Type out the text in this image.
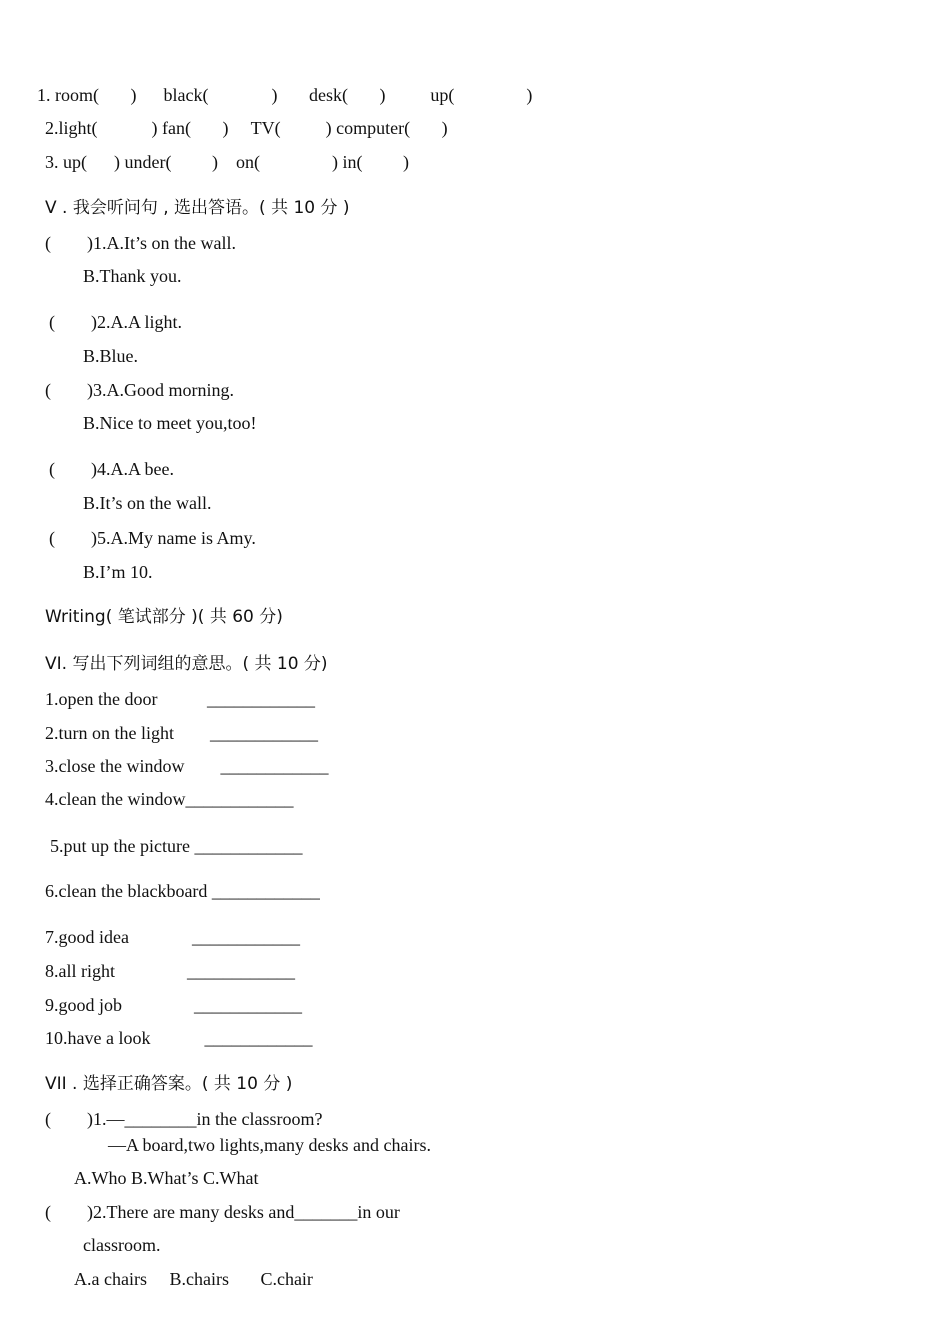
1. room(       )      black(              )       desk(       )          up(                )
2.light(            ) fan(       )     TV(          ) computer(       )
3. up(      ) under(         )    on(                ) in(         )
V . 我会听问句 , 选出答语。( 共 10 分 )
(        )1.A.It’s on the wall.
B.Thank you.
(        )2.A.A light.
B.Blue.
(        )3.A.Good morning.
B.Nice to meet you,too!
(        )4.A.A bee.
B.It’s on the wall.
(        )5.A.My name is Amy.
B.I’m 10.
Writing( 笔试部分 )( 共 60 分)
VI. 写出下列词组的意思。( 共 10 分)
1.open the door           ____________
2.turn on the light        ____________
3.close the window        ____________
4.clean the window____________
5.put up the picture ____________
6.clean the blackboard ____________
7.good idea              ____________
8.all right                ____________
9.good job                ____________
10.have a look            ____________
VII . 选择正确答案。( 共 10 分 )
(        )1.—________in the classroom?
—A board,two lights,many desks and chairs.
A.Who B.What’s C.What
(        )2.There are many desks and_______in our
classroom.
A.a chairs     B.chairs       C.chair
